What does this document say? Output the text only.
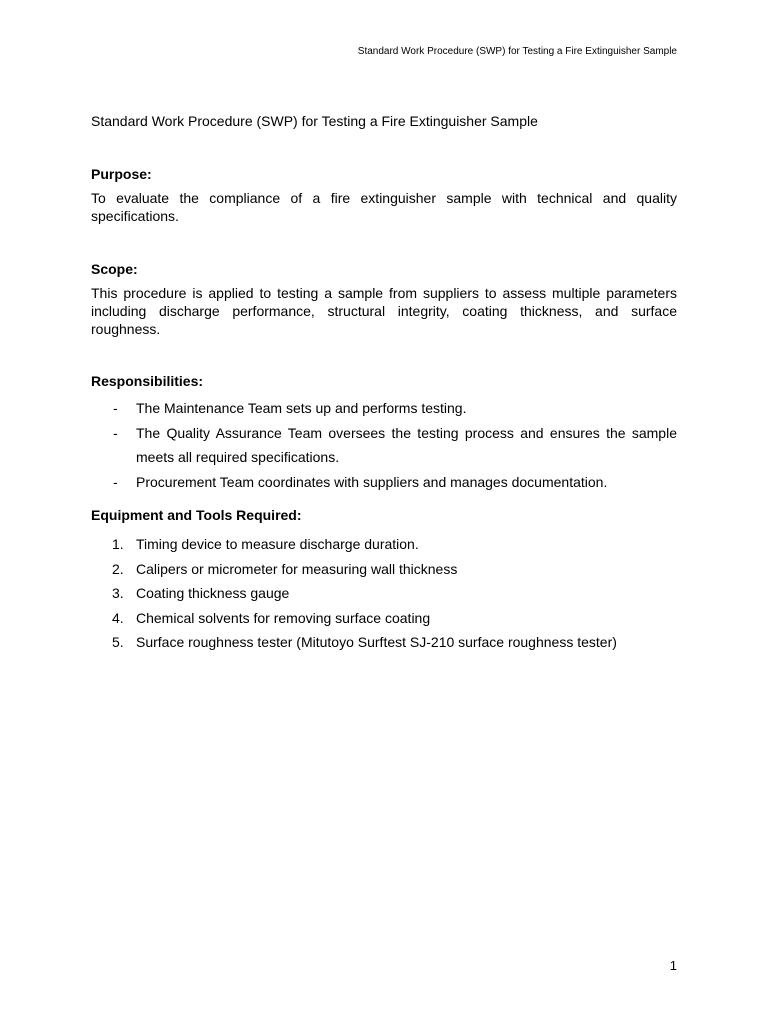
Standard Work Procedure (SWP) for Testing a Fire Extinguisher Sample
Standard Work Procedure (SWP) for Testing a Fire Extinguisher Sample

Purpose:

To evaluate the compliance of a fire extinguisher sample with technical and quality specifications.

Scope:

This procedure is applied to testing a sample from suppliers to assess multiple parameters including discharge performance, structural integrity, coating thickness, and surface roughness.

Responsibilities:

- The Maintenance Team sets up and performs testing.
- The Quality Assurance Team oversees the testing process and ensures the sample meets all required specifications.
- Procurement Team coordinates with suppliers and manages documentation.

Equipment and Tools Required:

1. Timing device to measure discharge duration.
2. Calipers or micrometer for measuring wall thickness
3. Coating thickness gauge
4. Chemical solvents for removing surface coating
5. Surface roughness tester (Mitutoyo Surftest SJ-210 surface roughness tester)
1
